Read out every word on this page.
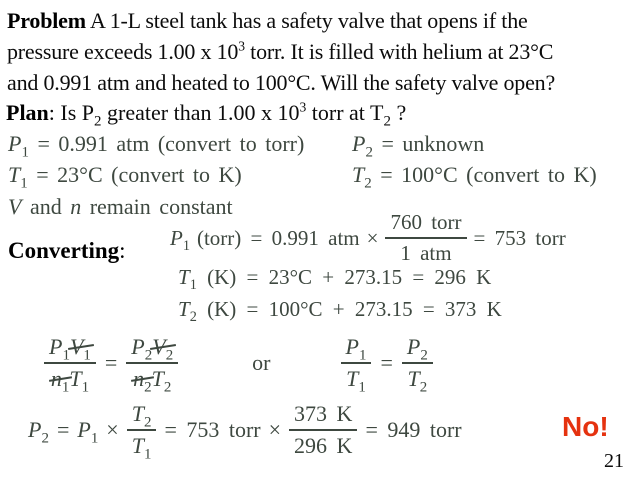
Problem A 1-L steel tank has a safety valve that opens if the
pressure exceeds 1.00 x $10^3$ torr. It is filled with helium at 23°C
and 0.991 atm and heated to 100°C. Will the safety valve open?
Plan: Is $P_2$ greater than 1.00 x $10^3$ torr at $T_2$ ?
$P_1 = 0.991$ atm (convert to torr) $P_2$ = unknown
$T_1 = 23^\circ C$ (convert to K)	$T_2 = 100^\circ C$ (convert to K)
V and n remain constant
Converting:
$P_1$ (torr) = 0.991 atm × $\frac{\text{760 torr}}{\text{1 atm}} = 753$ torr
$T_1$ (K) = 23°C + 273.15 = 296 K
$T_2$ (K) = 100°C + 273.15 = 373 K
$\frac{P_1V_1}{n_1T_1} = \frac{P_2V_2}{n_2T_2}$	or	$\frac{P_1}{T_1} = \frac{P_2}{T_2}$
$P_2 = P_1 \times \frac{T_2}{T_1} = 753$ torr × $\frac{373 K}{296 K} = 949$ torr	No!
21
